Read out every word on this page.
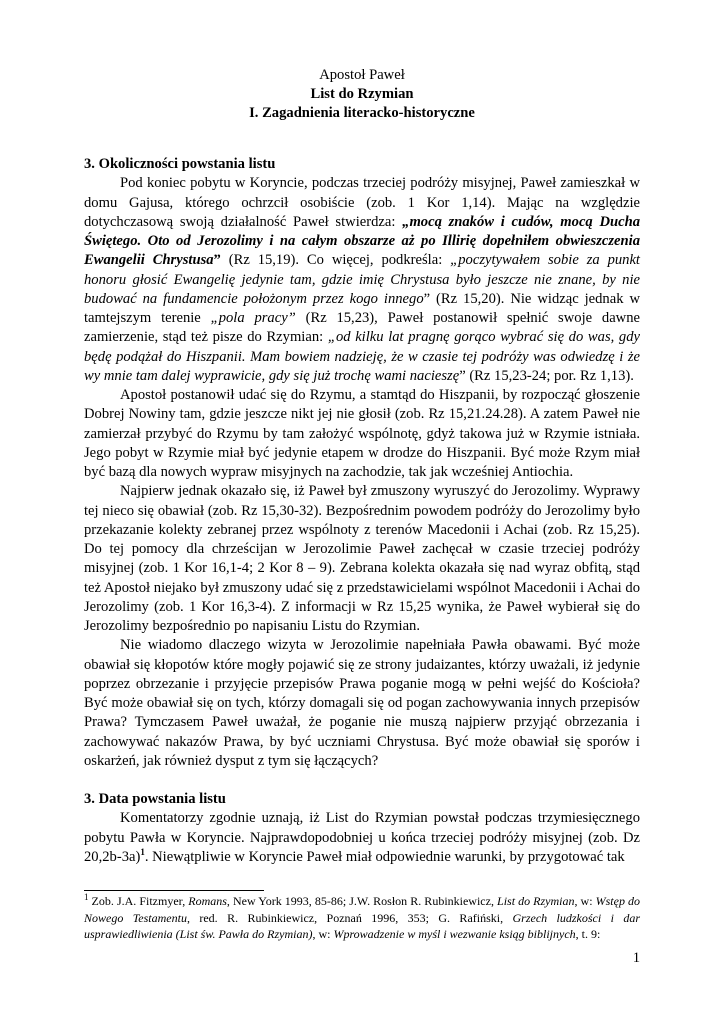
Apostoł Paweł
List do Rzymian
I. Zagadnienia literacko-historyczne
3. Okoliczności powstania listu

Pod koniec pobytu w Koryncie, podczas trzeciej podróży misyjnej, Paweł zamieszkał w domu Gajusa, którego ochrzcił osobiście (zob. 1 Kor 1,14). Mając na względzie dotychczasową swoją działalność Paweł stwierdza: „mocą znaków i cudów, mocą Ducha Świętego. Oto od Jerozolimy i na całym obszarze aż po Illirię dopełniłem obwieszczenia Ewangelii Chrystusa” (Rz 15,19). Co więcej, podkreśla: „poczytywałem sobie za punkt honoru głosić Ewangelię jedynie tam, gdzie imię Chrystusa było jeszcze nie znane, by nie budować na fundamencie położonym przez kogo innego” (Rz 15,20). Nie widząc jednak w tamtejszym terenie „pola pracy” (Rz 15,23), Paweł postanowił spełnić swoje dawne zamierzenie, stąd też pisze do Rzymian: „od kilku lat pragnę gorąco wybrać się do was, gdy będę podążał do Hiszpanii. Mam bowiem nadzieję, że w czasie tej podróży was odwiedzę i że wy mnie tam dalej wyprawicie, gdy się już trochę wami nacieszę” (Rz 15,23-24; por. Rz 1,13).

Apostoł postanowił udać się do Rzymu, a stamtąd do Hiszpanii, by rozpocząć głoszenie Dobrej Nowiny tam, gdzie jeszcze nikt jej nie głosił (zob. Rz 15,21.24.28). A zatem Paweł nie zamierzał przybyć do Rzymu by tam założyć wspólnotę, gdyż takowa już w Rzymie istniała. Jego pobyt w Rzymie miał być jedynie etapem w drodze do Hiszpanii. Być może Rzym miał być bazą dla nowych wypraw misyjnych na zachodzie, tak jak wcześniej Antiochia.

Najpierw jednak okazało się, iż Paweł był zmuszony wyruszyć do Jerozolimy. Wyprawy tej nieco się obawiał (zob. Rz 15,30-32). Bezpośrednim powodem podróży do Jerozolimy było przekazanie kolekty zebranej przez wspólnoty z terenów Macedonii i Achai (zob. Rz 15,25). Do tej pomocy dla chrześcijan w Jerozolimie Paweł zachęcał w czasie trzeciej podróży misyjnej (zob. 1 Kor 16,1-4; 2 Kor 8 – 9). Zebrana kolekta okazała się nad wyraz obfitą, stąd też Apostoł niejako był zmuszony udać się z przedstawicielami wspólnot Macedonii i Achai do Jerozolimy (zob. 1 Kor 16,3-4). Z informacji w Rz 15,25 wynika, że Paweł wybierał się do Jerozolimy bezpośrednio po napisaniu Listu do Rzymian.

Nie wiadomo dlaczego wizyta w Jerozolimie napełniała Pawła obawami. Być może obawiał się kłopotów które mogły pojawić się ze strony judaizantes, którzy uważali, iż jedynie poprzez obrzezanie i przyjęcie przepisów Prawa poganie mogą w pełni wejść do Kościoła? Być może obawiał się on tych, którzy domagali się od pogan zachowywania innych przepisów Prawa? Tymczasem Paweł uważał, że poganie nie muszą najpierw przyjąć obrzezania i zachowywać nakazów Prawa, by być uczniami Chrystusa. Być może obawiał się sporów i oskarżeń, jak również dysput z tym się łączących?

3. Data powstania listu

Komentatorzy zgodnie uznają, iż List do Rzymian powstał podczas trzymiesięcznego pobytu Pawła w Koryncie. Najprawdopodobniej u końca trzeciej podróży misyjnej (zob. Dz 20,2b-3a)$^1$. Niewątpliwie w Koryncie Paweł miał odpowiednie warunki, by przygotować tak

$^1$ Zob. J.A. Fitzmyer, Romans, New York 1993, 85-86; J.W. Rosłon R. Rubinkiewicz, List do Rzymian, w: Wstęp do Nowego Testamentu, red. R. Rubinkiewicz, Poznań 1996, 353; G. Rafiński, Grzech ludzkości i dar usprawiedliwienia (List św. Pawła do Rzymian), w: Wprowadzenie w myśl i wezwanie ksiąg biblijnych, t. 9:
1
